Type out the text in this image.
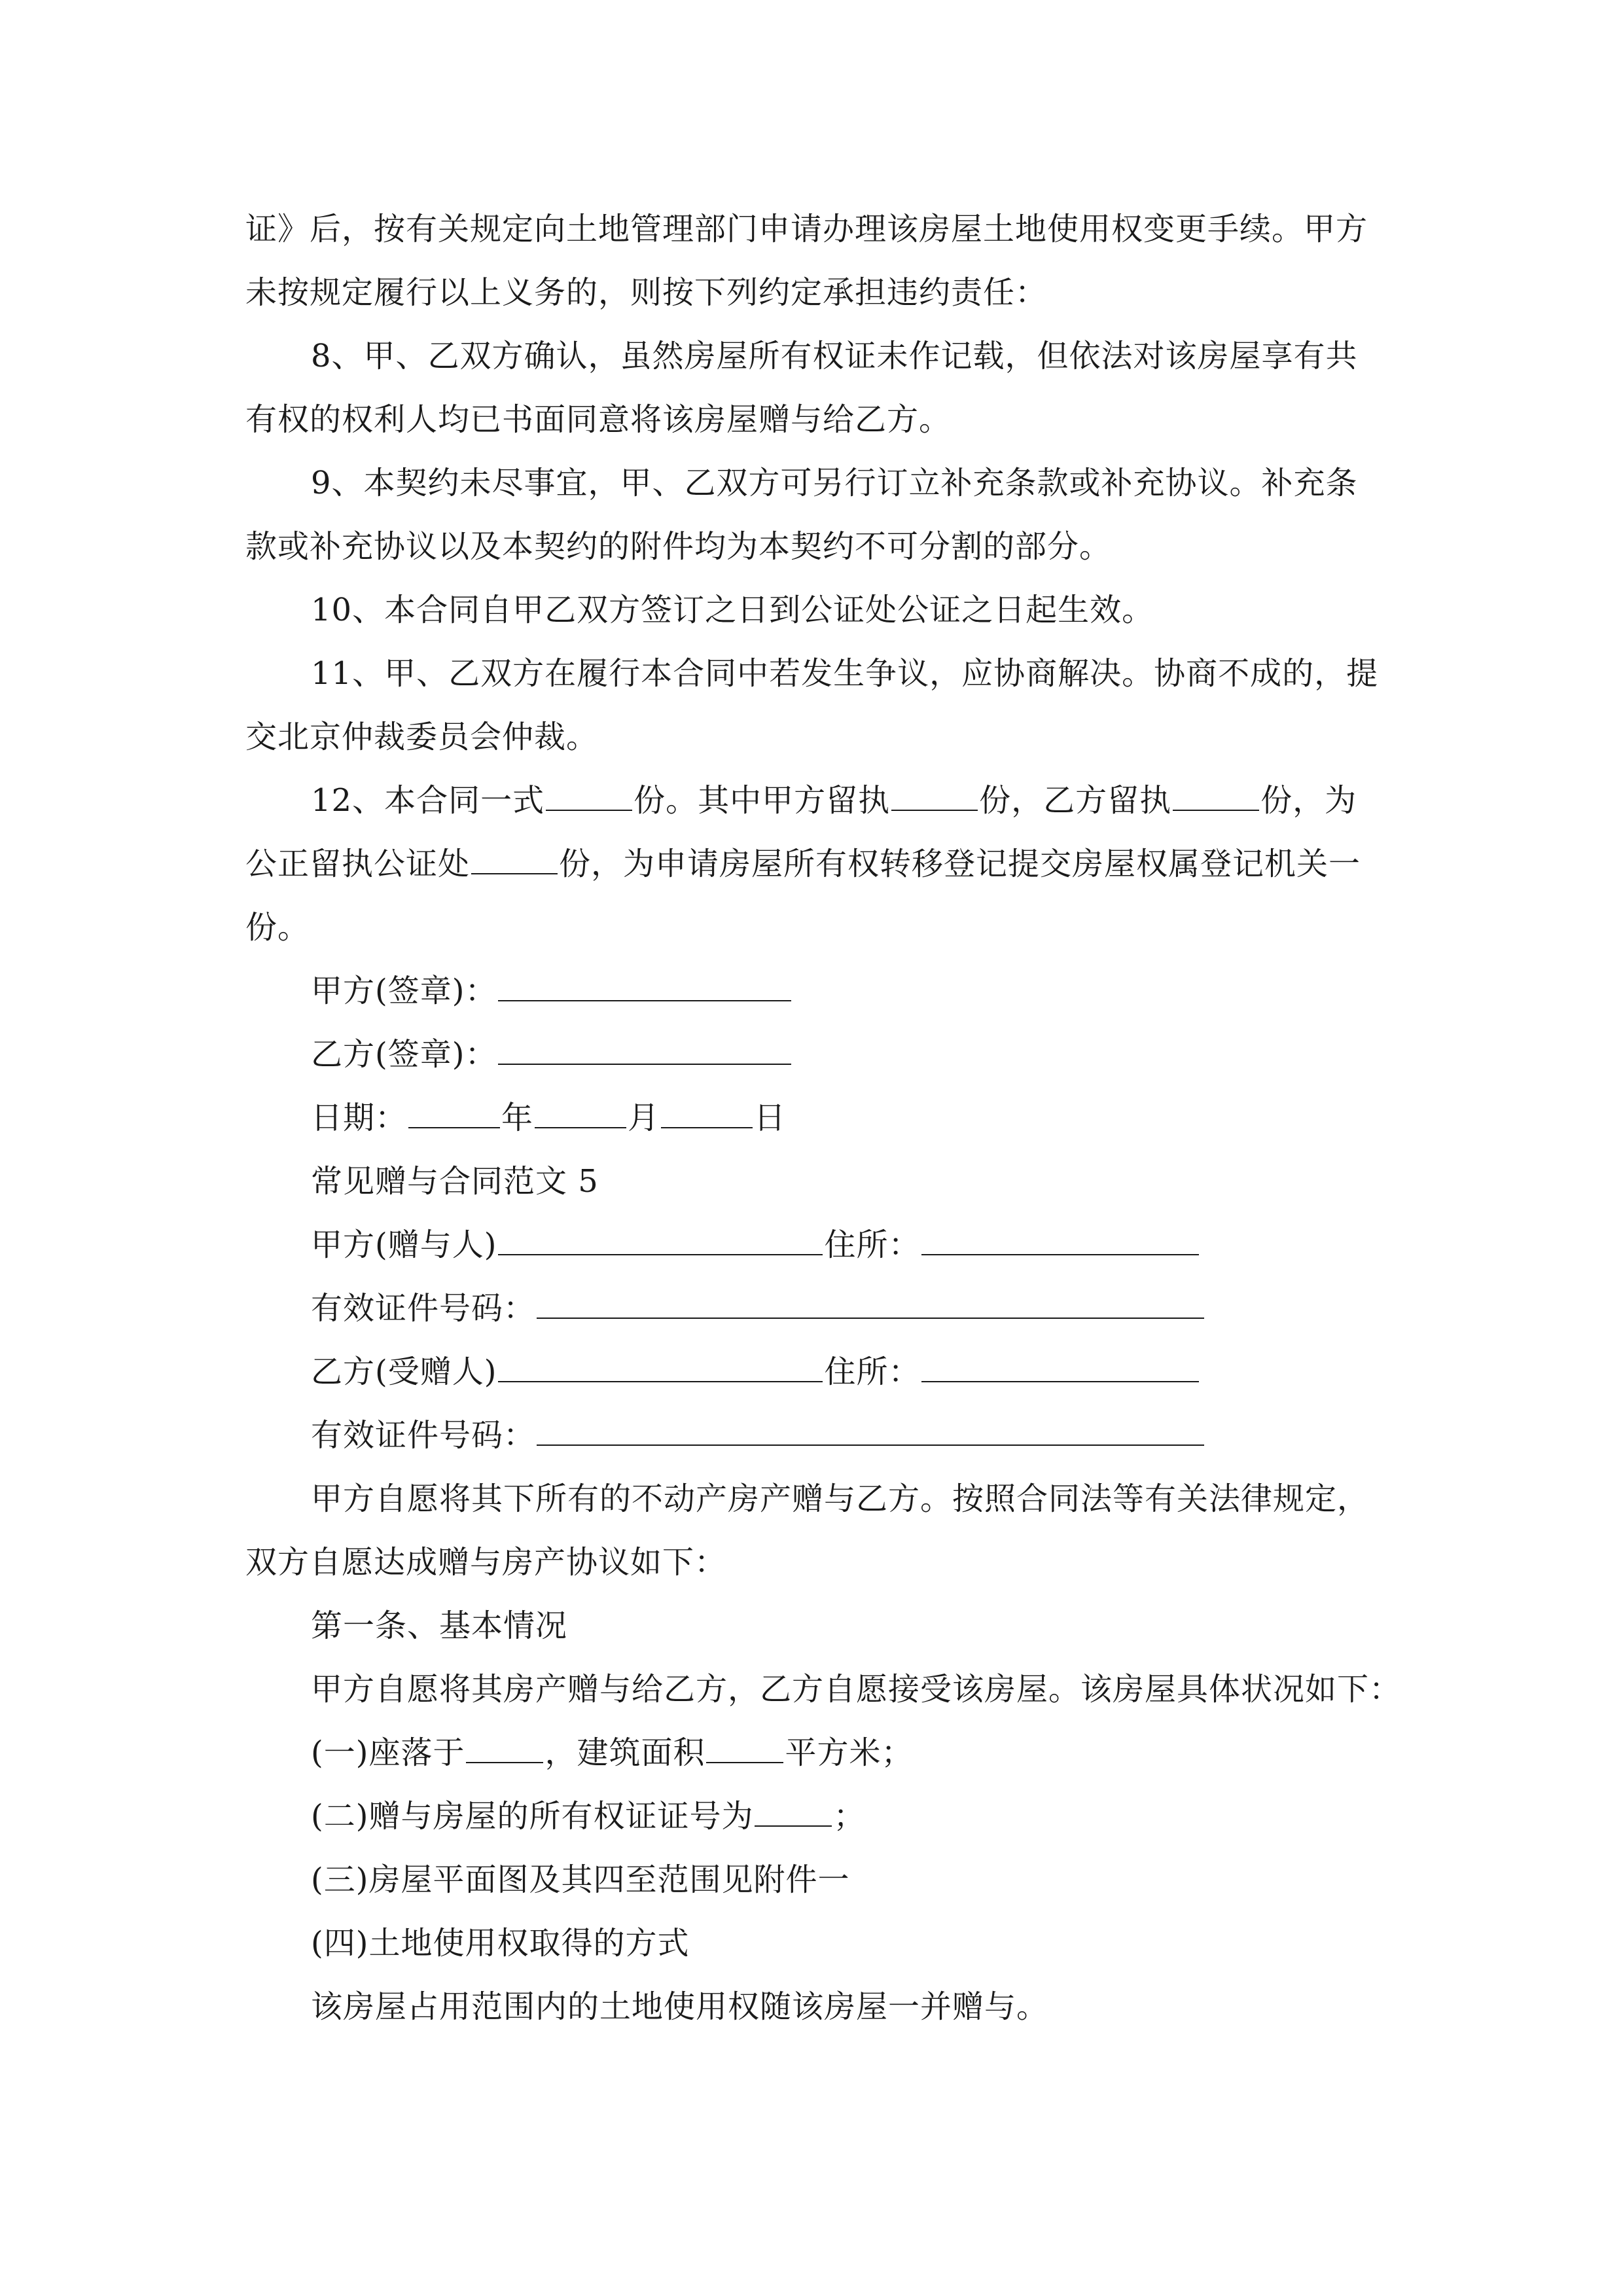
证》后，按有关规定向土地管理部门申请办理该房屋土地使用权变更手续。甲方
未按规定履行以上义务的，则按下列约定承担违约责任：
8、甲、乙双方确认，虽然房屋所有权证未作记载，但依法对该房屋享有共
有权的权利人均已书面同意将该房屋赠与给乙方。
9、本契约未尽事宜，甲、乙双方可另行订立补充条款或补充协议。补充条
款或补充协议以及本契约的附件均为本契约不可分割的部分。
10、本合同自甲乙双方签订之日到公证处公证之日起生效。
11、甲、乙双方在履行本合同中若发生争议，应协商解决。协商不成的，提
交北京仲裁委员会仲裁。
12、本合同一式	份。其中甲方留执	份，乙方留执	份，为
公正留执公证处	份，为申请房屋所有权转移登记提交房屋权属登记机关一
份。
甲方(签章)：
乙方(签章)：
日期：	年	月	日
常见赠与合同范文 5
甲方(赠与人)	住所：
有效证件号码：
乙方(受赠人)	住所：
有效证件号码：
甲方自愿将其下所有的不动产房产赠与乙方。按照合同法等有关法律规定，
双方自愿达成赠与房产协议如下：
第一条、基本情况
甲方自愿将其房产赠与给乙方，乙方自愿接受该房屋。该房屋具体状况如下：
(一)座落于	，建筑面积	平方米；
(二)赠与房屋的所有权证证号为	；
(三)房屋平面图及其四至范围见附件一
(四)土地使用权取得的方式
该房屋占用范围内的土地使用权随该房屋一并赠与。
